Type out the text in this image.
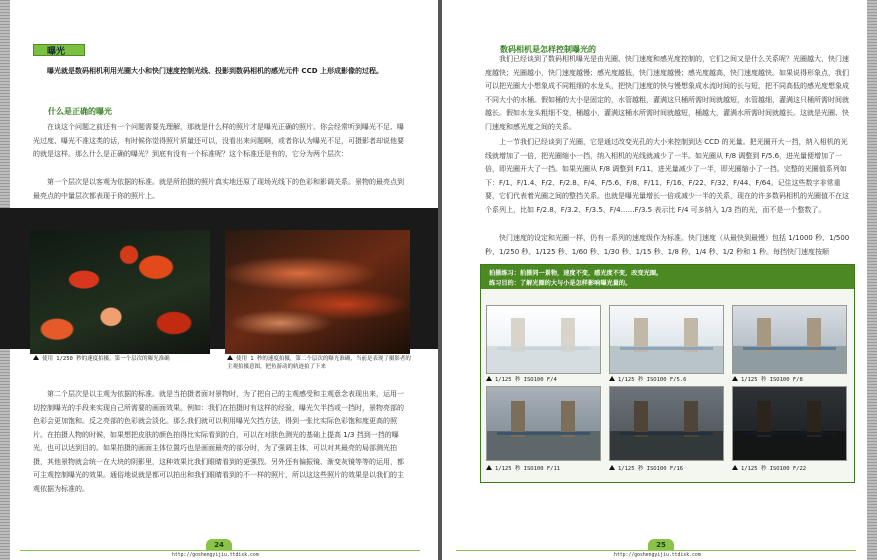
曝光

曝光就是数码相机利用光圈大小和快门速度控制光线、投影到数码相机的感光元件 CCD 上形成影像的过程。

什么是正确的曝光

在谈这个问题之前还有一个问题需要先理解，那就是什么样的照片才是曝光正确的照片。你会经常听到曝光不足、曝光过度、曝光不准这类的话，有时候你觉得照片质量还可以，没看出来问题啊，或者你认为曝光不足，可摄影者却说他要的就是这样。那么什么是正确的曝光？到底有没有一个标准呢？这个标准还是有的，它分为两个层次：

第一个层次是以客观为依据的标准。就是所拍摄的照片真实地还原了现场光线下的色彩和影调关系。景物的最亮点到最亮点的中量层次都表现于你的照片上。

使用 1/250 秒的速度拍摄，第一个层次的曝光准确	使用 1 秒的速度拍摄，第二个层次的曝光准确，当前是表现了摄影者的主观拍摄意图，把鱼游动的轨迹拍了下来

第二个层次是以主观为依据的标准。就是当拍摄者面对景物时，为了把自己的主观感受和主观意念表现出来，运用一切控制曝光的手段来实现自己所需要的画面效果。例如：我们在拍摄时有这样的经验，曝光欠半挡或一挡时，景物亮部的色彩会更加饱和。反之亮部的色彩就会淡化。那么我们就可以利用曝光欠挡方法，得到一张比实际色彩饱和度更高的照片。在拍摄人物的时候，如果想把皮肤的颜色拍得比实际看到的白，可以在对肤色测光的基础上提高 1/3 挡到一挡的曝光，也可以达到目的。如果拍摄的画面主体位置巧也是画面最亮的部分时，为了强调主体，可以对其最亮的局部测光拍摄，其他景物就会统一在大块的阴影里，这种效果比我们眼睛看到的更强烈。另外还有偏振镜、渐变灰镜等等的运用，都可主观控制曝光的效果。通俗地说就是都可以拍出和我们眼睛看到的不一样的照片，所以这这些照片的效果是以我们的主观依据为标准的。

24
http://goshengyijiu.ttdisk.com
数码相机是怎样控制曝光的

我们已经谈到了数码相机曝光是由光圈、快门速度和感光度控制的，它们之间又是什么关系呢？光圈越大，快门速度越快；光圈越小，快门速度越慢；感光度越低，快门速度越慢；感光度越高，快门速度越快。如果说得形象点，我们可以把光圈大小想象成不同粗细的水龙头，把快门速度的快与慢想象成水流时间的长与短，把不同高低的感光度想象成不同大小的水桶。假如桶的大小是固定的，水管越粗，灌满这只桶所需时间就越短，水管越细，灌满这只桶所需时间就越长。假如水龙头粗细不变，桶越小，灌满这桶水所需时间就越短，桶越大，灌满水所需时间就越长。这就是光圈、快门速度和感光度之间的关系。

上一节我们已经谈到了光圈，它是通过改变光孔的大小来控制到达 CCD 的光量。把光圈开大一挡，纳入相机的光线就增加了一倍，把光圈缩小一挡，纳入相机的光线就减少了一半。如光圈从 F/8 调整到 F/5.6，进光量便增加了一倍，即光圈开大了一挡。如果光圈从 F/8 调整到 F/11，进光量减少了一半，即光圈缩小了一挡。完整的光圈值系列如下：F/1、F/1.4、F/2、F/2.8、F/4、F/5.6、F/8、F/11、F/16、F/22、F/32、F/44、F/64。记住这些数字非常重要，它们代表着光圈之间的整挡关系。也就是曝光量增长一倍或减少一半的关系，现在的许多数码相机的光圈值不在这个系列上，比如 F/2.8、F/3.2、F/3.5、F/4……F/3.5 表示比 F/4 可多纳入 1/3 挡的光，而不是一个整数了。

快门速度的设定和光圈一样，仍有一系列的速度级作为标准。快门速度（从最快到最慢）包括 1/1000 秒、1/500 秒、1/250 秒、1/125 秒、1/60 秒、1/30 秒、1/15 秒、1/8 秒、1/4 秒、1/2 秒和 1 秒。每挡快门速度按顺

拍摄练习：拍摄同一景物，速度不变，感光度不变，改变光圈。
练习目的：了解光圈的大与小是怎样影响曝光量的。
1/125 秒 ISO100 F/4	1/125 秒 ISO100 F/5.6	1/125 秒 ISO100 F/8
1/125 秒 ISO100 F/11	1/125 秒 ISO100 F/16	1/125 秒 ISO100 F/22
25
http://goshengyijiu.ttdisk.com
